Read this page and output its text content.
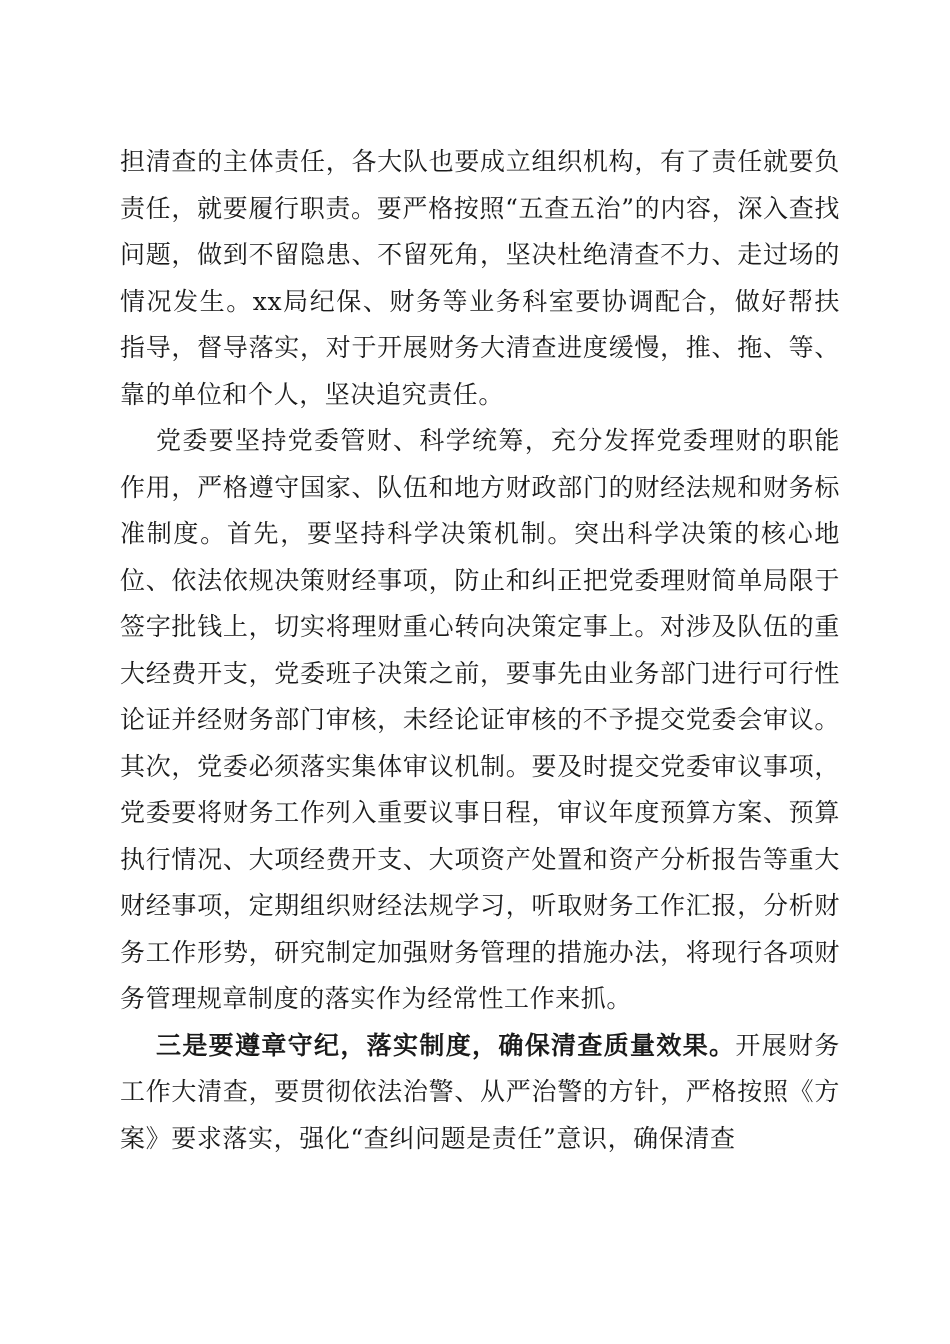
担清查的主体责任，各大队也要成立组织机构，有了责任就要负责任，就要履行职责。要严格按照“五查五治”的内容，深入查找问题，做到不留隐患、不留死角，坚决杜绝清查不力、走过场的情况发生。xx局纪保、财务等业务科室要协调配合，做好帮扶指导，督导落实，对于开展财务大清查进度缓慢，推、拖、等、靠的单位和个人，坚决追究责任。

党委要坚持党委管财、科学统筹，充分发挥党委理财的职能作用，严格遵守国家、队伍和地方财政部门的财经法规和财务标准制度。首先，要坚持科学决策机制。突出科学决策的核心地位、依法依规决策财经事项，防止和纠正把党委理财简单局限于签字批钱上，切实将理财重心转向决策定事上。对涉及队伍的重大经费开支，党委班子决策之前，要事先由业务部门进行可行性论证并经财务部门审核，未经论证审核的不予提交党委会审议。其次，党委必须落实集体审议机制。要及时提交党委审议事项，党委要将财务工作列入重要议事日程，审议年度预算方案、预算执行情况、大项经费开支、大项资产处置和资产分析报告等重大财经事项，定期组织财经法规学习，听取财务工作汇报，分析财务工作形势，研究制定加强财务管理的措施办法，将现行各项财务管理规章制度的落实作为经常性工作来抓。

三是要遵章守纪，落实制度，确保清查质量效果。开展财务工作大清查，要贯彻依法治警、从严治警的方针，严格按照《方案》要求落实，强化“查纠问题是责任”意识，确保清查
